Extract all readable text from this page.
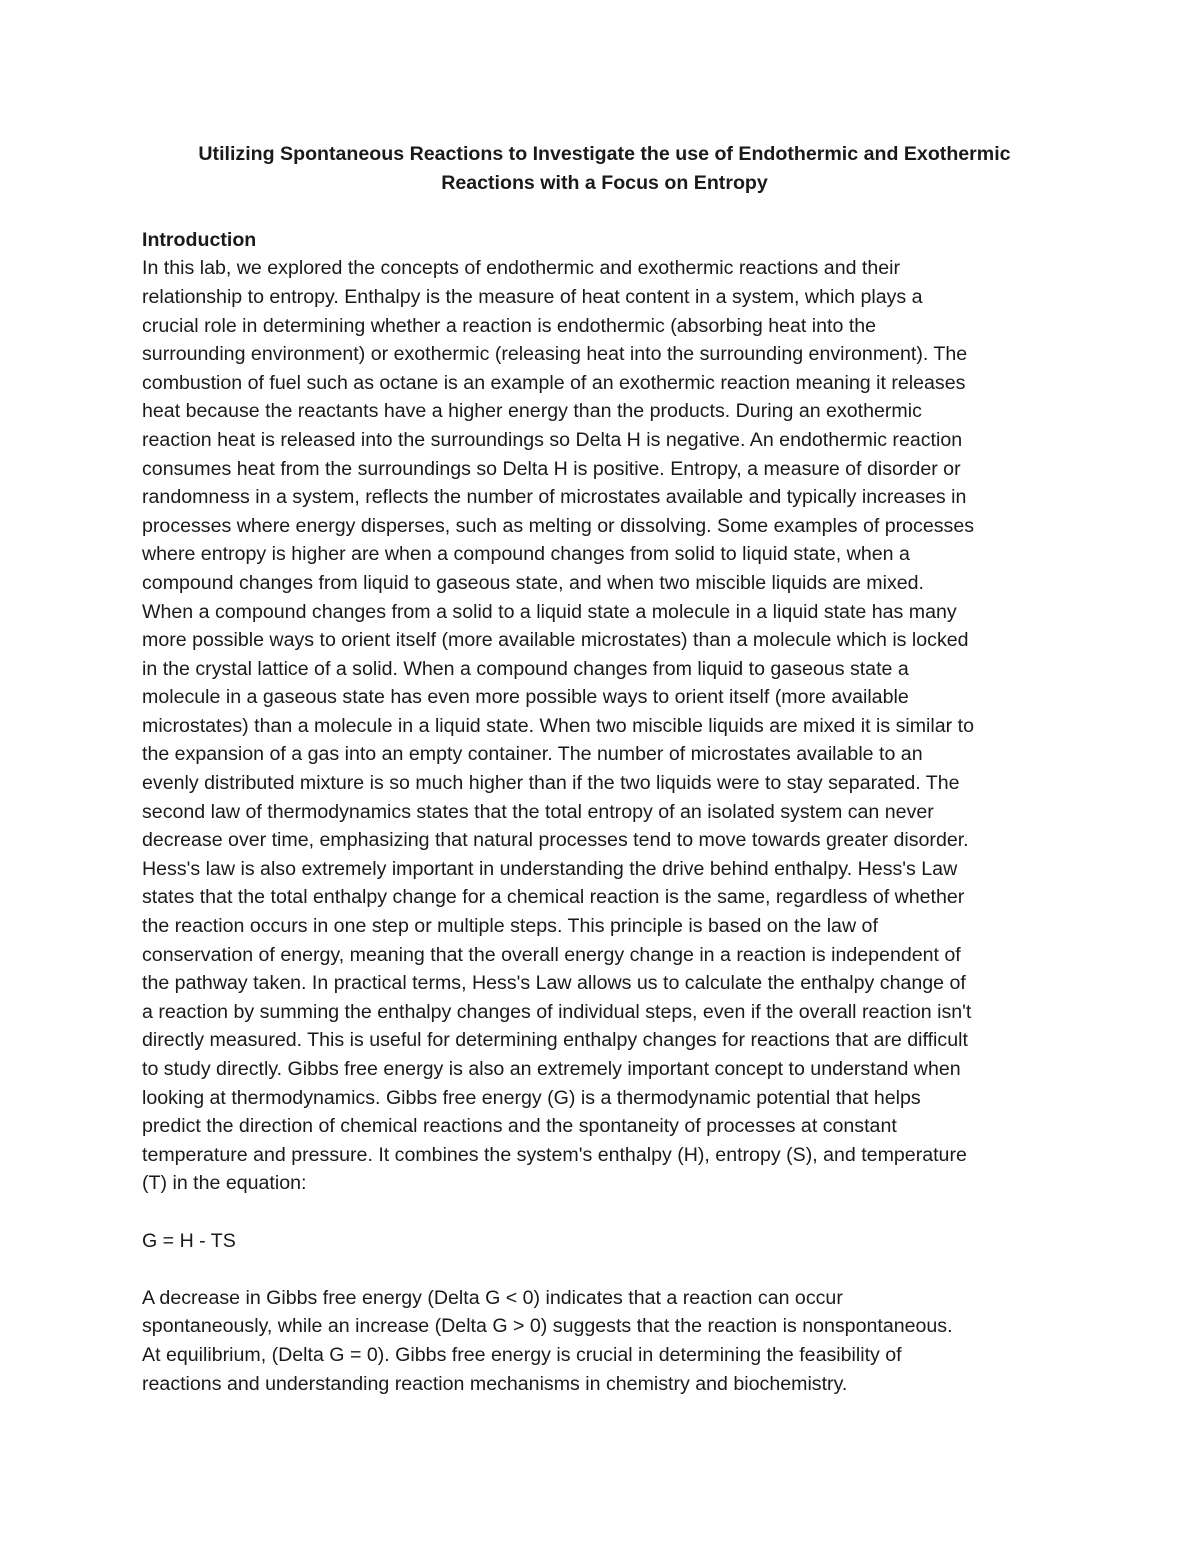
Utilizing Spontaneous Reactions to Investigate the use of Endothermic and Exothermic
Reactions with a Focus on Entropy
Introduction
In this lab, we explored the concepts of endothermic and exothermic reactions and their
relationship to entropy. Enthalpy is the measure of heat content in a system, which plays a
crucial role in determining whether a reaction is endothermic (absorbing heat into the
surrounding environment) or exothermic (releasing heat into the surrounding environment). The
combustion of fuel such as octane is an example of an exothermic reaction meaning it releases
heat because the reactants have a higher energy than the products. During an exothermic
reaction heat is released into the surroundings so Delta H is negative. An endothermic reaction
consumes heat from the surroundings so Delta H is positive. Entropy, a measure of disorder or
randomness in a system, reflects the number of microstates available and typically increases in
processes where energy disperses, such as melting or dissolving. Some examples of processes
where entropy is higher are when a compound changes from solid to liquid state, when a
compound changes from liquid to gaseous state, and when two miscible liquids are mixed.
When a compound changes from a solid to a liquid state a molecule in a liquid state has many
more possible ways to orient itself (more available microstates) than a molecule which is locked
in the crystal lattice of a solid. When a compound changes from liquid to gaseous state a
molecule in a gaseous state has even more possible ways to orient itself (more available
microstates) than a molecule in a liquid state. When two miscible liquids are mixed it is similar to
the expansion of a gas into an empty container. The number of microstates available to an
evenly distributed mixture is so much higher than if the two liquids were to stay separated. The
second law of thermodynamics states that the total entropy of an isolated system can never
decrease over time, emphasizing that natural processes tend to move towards greater disorder.
Hess's law is also extremely important in understanding the drive behind enthalpy. Hess's Law
states that the total enthalpy change for a chemical reaction is the same, regardless of whether
the reaction occurs in one step or multiple steps. This principle is based on the law of
conservation of energy, meaning that the overall energy change in a reaction is independent of
the pathway taken. In practical terms, Hess's Law allows us to calculate the enthalpy change of
a reaction by summing the enthalpy changes of individual steps, even if the overall reaction isn't
directly measured. This is useful for determining enthalpy changes for reactions that are difficult
to study directly. Gibbs free energy is also an extremely important concept to understand when
looking at thermodynamics. Gibbs free energy (G) is a thermodynamic potential that helps
predict the direction of chemical reactions and the spontaneity of processes at constant
temperature and pressure. It combines the system's enthalpy (H), entropy (S), and temperature
(T) in the equation:
G = H - TS
A decrease in Gibbs free energy (Delta G < 0) indicates that a reaction can occur
spontaneously, while an increase (Delta G > 0) suggests that the reaction is nonspontaneous.
At equilibrium, (Delta G = 0). Gibbs free energy is crucial in determining the feasibility of
reactions and understanding reaction mechanisms in chemistry and biochemistry.
